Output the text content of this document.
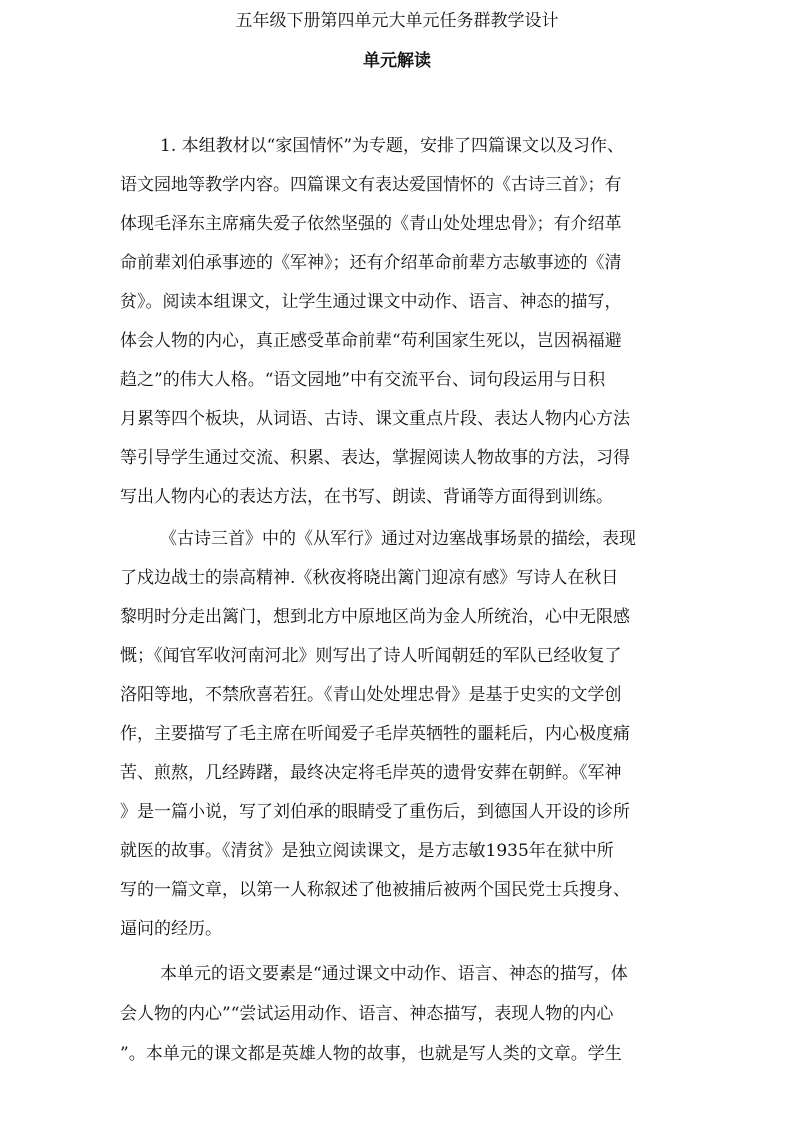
五年级下册第四单元大单元任务群教学设计
单元解读
1. 本组教材以“家国情怀”为专题，安排了四篇课文以及习作、
语文园地等教学内容。四篇课文有表达爱国情怀的《古诗三首》；有
体现毛泽东主席痛失爱子依然坚强的《青山处处埋忠骨》；有介绍革
命前辈刘伯承事迹的《军神》；还有介绍革命前辈方志敏事迹的《清
贫》。阅读本组课文，让学生通过课文中动作、语言、神态的描写，
体会人物的内心，真正感受革命前辈“苟利国家生死以，岂因祸福避
趋之”的伟大人格。“语文园地”中有交流平台、词句段运用与日积
月累等四个板块，从词语、古诗、课文重点片段、表达人物内心方法
等引导学生通过交流、积累、表达，掌握阅读人物故事的方法，习得
写出人物内心的表达方法，在书写、朗读、背诵等方面得到训练。
《古诗三首》中的《从军行》通过对边塞战事场景的描绘，表现
了戍边战士的崇高精神.《秋夜将晓出篱门迎凉有感》写诗人在秋日
黎明时分走出篱门，想到北方中原地区尚为金人所统治，心中无限感
慨；《闻官军收河南河北》则写出了诗人听闻朝廷的军队已经收复了
洛阳等地，不禁欣喜若狂。《青山处处埋忠骨》是基于史实的文学创
作，主要描写了毛主席在听闻爱子毛岸英牺牲的噩耗后，内心极度痛
苦、煎熬，几经踌躇，最终决定将毛岸英的遗骨安葬在朝鲜。《军神
》是一篇小说，写了刘伯承的眼睛受了重伤后，到德国人开设的诊所
就医的故事。《清贫》是独立阅读课文，是方志敏1935年在狱中所
写的一篇文章，以第一人称叙述了他被捕后被两个国民党士兵搜身、
逼问的经历。
本单元的语文要素是“通过课文中动作、语言、神态的描写，体
会人物的内心”“尝试运用动作、语言、神态描写，表现人物的内心
”。本单元的课文都是英雄人物的故事，也就是写人类的文章。学生
